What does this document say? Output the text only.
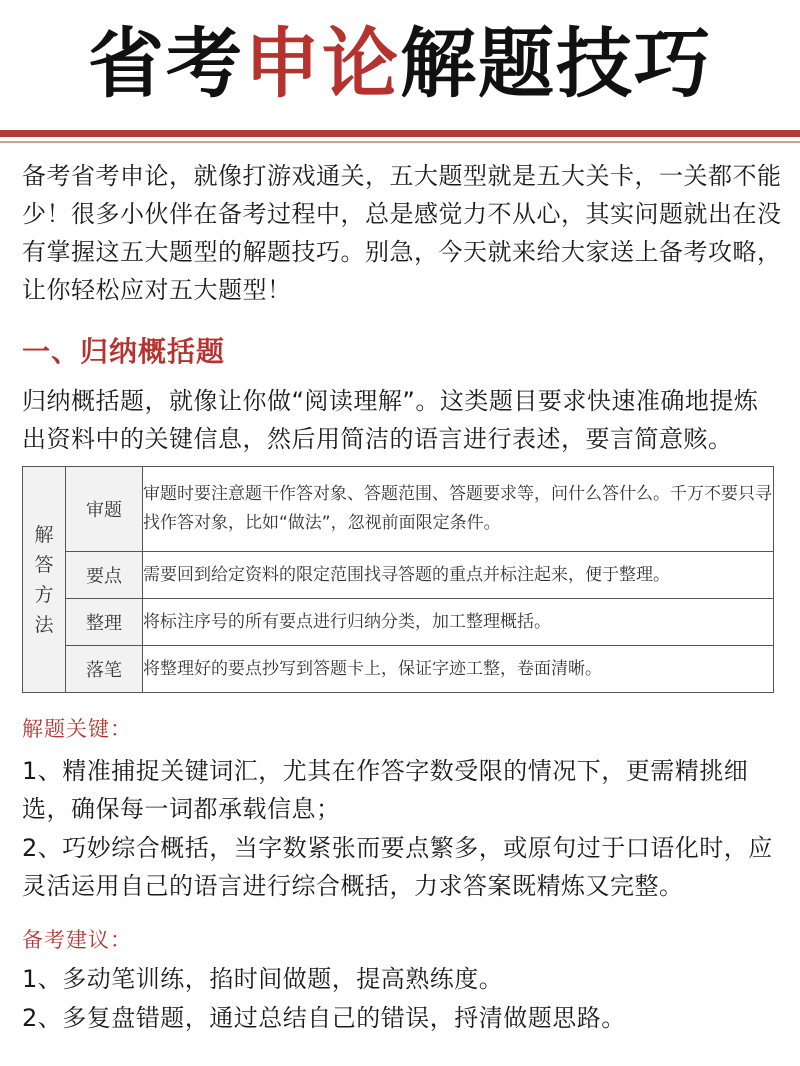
省考申论解题技巧

备考省考申论，就像打游戏通关，五大题型就是五大关卡，一关都不能少！很多小伙伴在备考过程中，总是感觉力不从心，其实问题就出在没有掌握这五大题型的解题技巧。别急，今天就来给大家送上备考攻略，让你轻松应对五大题型！

一、归纳概括题

归纳概括题，就像让你做“阅读理解”。这类题目要求快速准确地提炼出资料中的关键信息，然后用简洁的语言进行表述，要言简意赅。

解答方法	审题	审题时要注意题干作答对象、答题范围、答题要求等，问什么答什么。千万不要只寻找作答对象，比如“做法”，忽视前面限定条件。
	要点	需要回到给定资料的限定范围找寻答题的重点并标注起来，便于整理。
	整理	将标注序号的所有要点进行归纳分类，加工整理概括。
	落笔	将整理好的要点抄写到答题卡上，保证字迹工整，卷面清晰。
解题关键：

1、精准捕捉关键词汇，尤其在作答字数受限的情况下，更需精挑细选，确保每一词都承载信息；

2、巧妙综合概括，当字数紧张而要点繁多，或原句过于口语化时，应灵活运用自己的语言进行综合概括，力求答案既精炼又完整。

备考建议：

1、多动笔训练，掐时间做题，提高熟练度。

2、多复盘错题，通过总结自己的错误，捋清做题思路。
